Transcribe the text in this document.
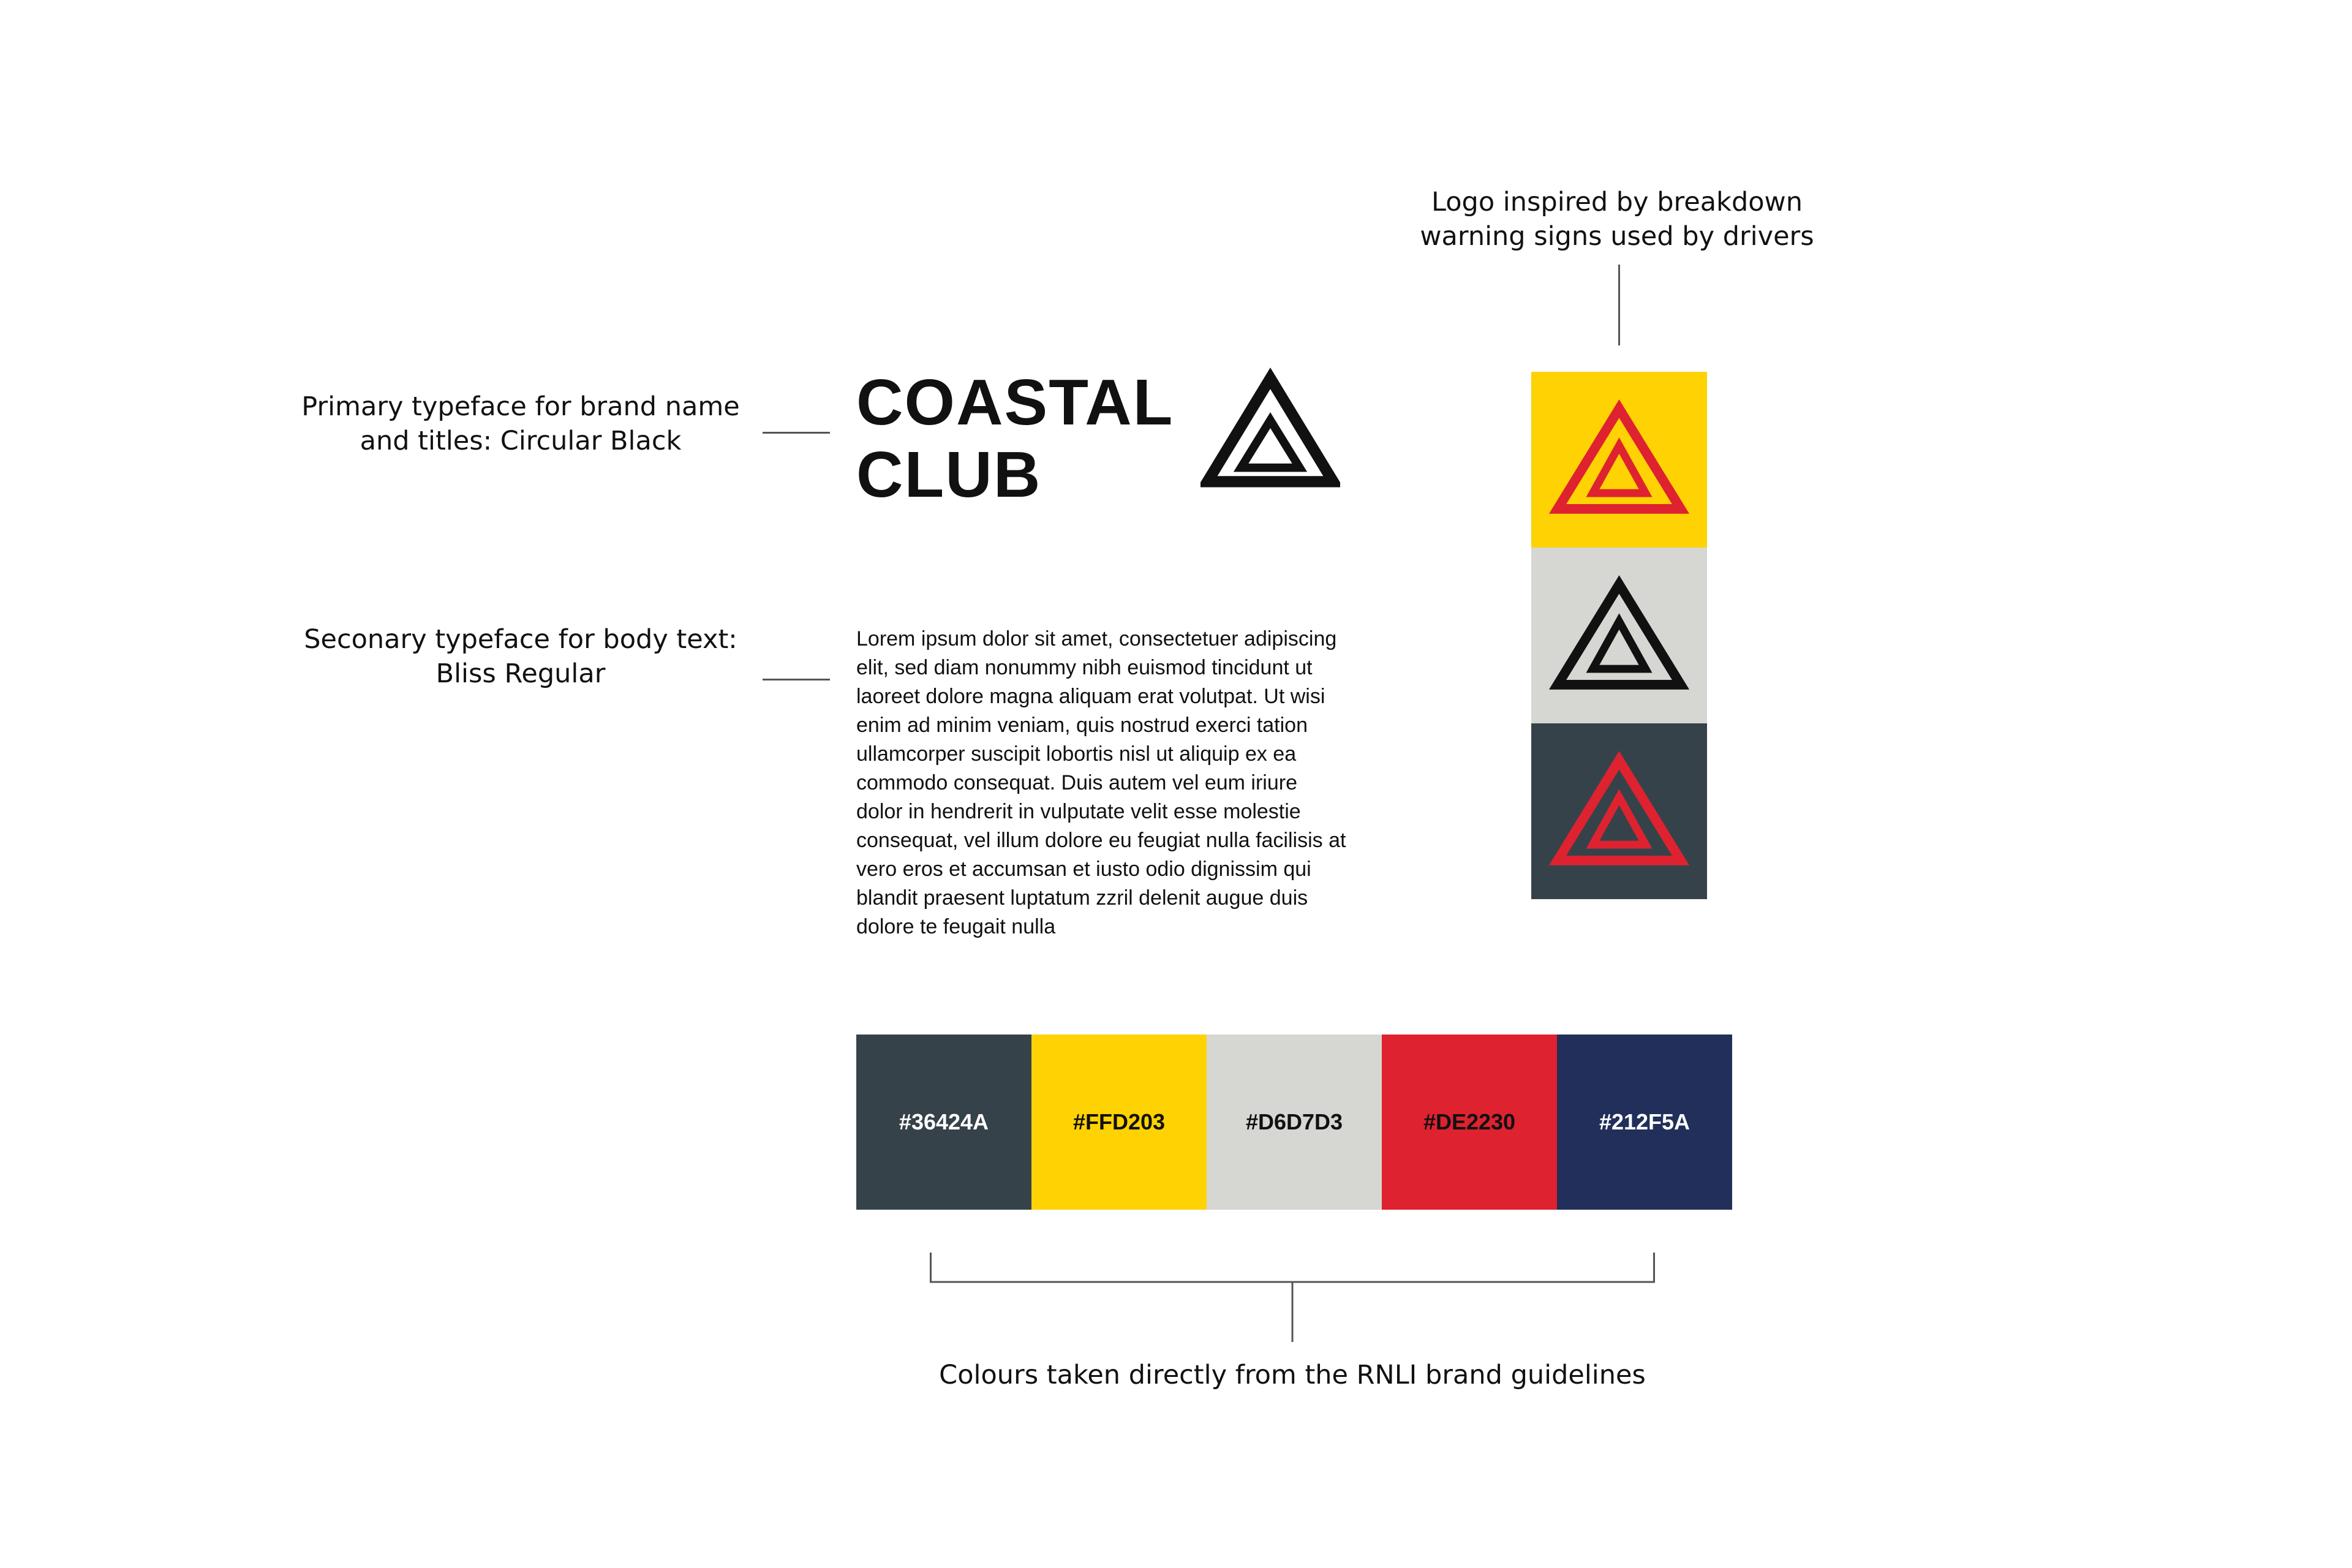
Logo inspired by breakdown
warning signs used by drivers
Primary typeface for brand name
and titles: Circular Black
COASTAL
CLUB
Seconary typeface for body text:
Bliss Regular

Lorem ipsum dolor sit amet, consectetuer adipiscing elit, sed diam nonummy nibh euismod tincidunt ut laoreet dolore magna aliquam erat volutpat. Ut wisi enim ad minim veniam, quis nostrud exerci tation ullamcorper suscipit lobortis nisl ut aliquip ex ea commodo consequat. Duis autem vel eum iriure dolor in hendrerit in vulputate velit esse molestie consequat, vel illum dolore eu feugiat nulla facilisis at vero eros et accumsan et iusto odio dignissim qui blandit praesent luptatum zzril delenit augue duis dolore te feugait nulla

#36424A	#FFD203	#D6D7D3	#DE2230	#212F5A
Colours taken directly from the RNLI brand guidelines
